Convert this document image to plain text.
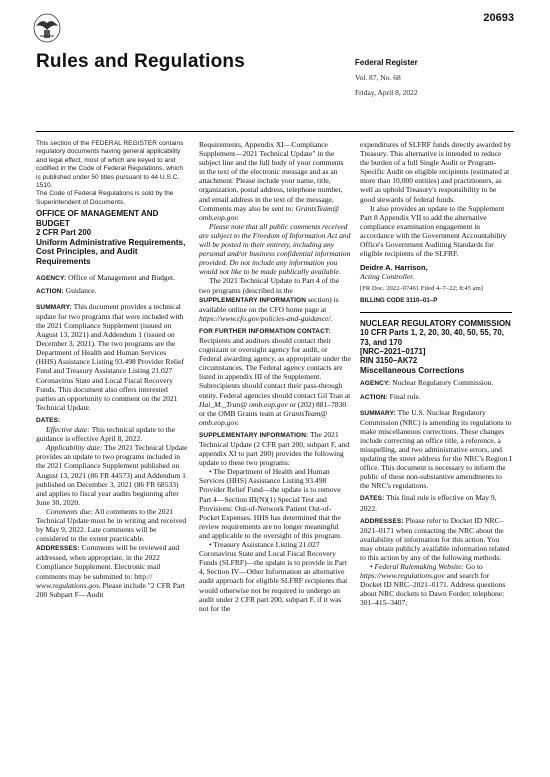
20693
Rules and Regulations	Federal Register
Vol. 87, No. 68
Friday, April 8, 2022

This section of the FEDERAL REGISTER contains regulatory documents having general applicability and legal effect, most of which are keyed to and codified in the Code of Federal Regulations, which is published under 50 titles pursuant to 44 U.S.C. 1510.

The Code of Federal Regulations is sold by the Superintendent of Documents.

OFFICE OF MANAGEMENT AND BUDGET

2 CFR Part 200

Uniform Administrative Requirements, Cost Principles, and Audit Requirements

AGENCY: Office of Management and Budget.

ACTION: Guidance.

SUMMARY: This document provides a technical update for two programs that were included with the 2021 Compliance Supplement (issued on August 13, 2021) and Addendum 1 (issued on December 3, 2021). The two programs are the Department of Health and Human Services (HHS) Assistance Listing 93.498 Provider Relief Fund and Treasury Assistance Listing 21.027 Coronavirus State and Local Fiscal Recovery Funds. This document also offers interested parties an opportunity to comment on the 2021 Technical Update.

DATES:

Effective date: This technical update to the guidance is effective April 8, 2022.

Applicability date: The 2021 Technical Update provides an update to two programs included in the 2021 Compliance Supplement published on August 13, 2021 (86 FR 44573) and Addendum 1 published on December 3, 2021 (86 FR 68533) and applies to fiscal year audits beginning after June 30, 2020.

Comments due: All comments to the 2021 Technical Update must be in writing and received by May 9, 2022. Late comments will be considered to the extent practicable.

ADDRESSES: Comments will be reviewed and addressed, when appropriate, in the 2022 Compliance Supplement. Electronic mail comments may be submitted to: http:// www.regulations.gov. Please include "2 CFR Part 200 Subpart F—Audit

Requirements, Appendix XI—Compliance Supplement—2021 Technical Update" in the subject line and the full body of your comments in the text of the electronic message and as an attachment. Please include your name, title, organization, postal address, telephone number, and email address in the text of the message. Comments may also be sent to: GrantsTeam@ omb.eop.gov.

Please note that all public comments received are subject to the Freedom of Information Act and will be posted in their entirety, including any personal and/or business confidential information provided. Do not include any information you would not like to be made publically available.

The 2021 Technical Update to Part 4 of the two programs (described in the SUPPLEMENTARY INFORMATION section) is available online on the CFO home page at https://www.cfo.gov/policies-and-guidance/.

FOR FURTHER INFORMATION CONTACT: Recipients and auditors should contact their cognizant or oversight agency for audit, or Federal awarding agency, as appropriate under the circumstances. The Federal agency contacts are listed in appendix III of the Supplement. Subrecipients should contact their pass-through entity. Federal agencies should contact Gil Tran at Hai_M._Tran@ omb.eop.gov or (202) 881–7830 or the OMB Grants team at GrantsTeam@ omb.eop.gov.

SUPPLEMENTARY INFORMATION: The 2021 Technical Update (2 CFR part 200, subpart F, and appendix XI to part 200) provides the following update to these two programs:

• The Department of Health and Human Services (HHS) Assistance Listing 93.498 Provider Relief Fund—the update is to remove Part 4—Section III(N)(1) Special Test and Provisions: Out-of-Network Patient Out-of-Pocket Expenses. HHS has determined that the review requirements are no longer meaningful and applicable to the oversight of this program.

• Treasury Assistance Listing 21.027 Coronavirus State and Local Fiscal Recovery Funds (SLFRF)—the update is to provide in Part 4, Section IV—Other Information an alternative audit approach for eligible SLFRF recipients that would otherwise not be required to undergo an audit under 2 CFR part 200, subpart F, if it was not for the

expenditures of SLFRF funds directly awarded by Treasury. This alternative is intended to reduce the burden of a full Single Audit or Program-Specific Audit on eligible recipients (estimated at more than 10,000 entities) and practitioners, as well as uphold Treasury's responsibility to be good stewards of federal funds.

It also provides an update to the Supplement Part 8 Appendix VII to add the alternative compliance examination engagement in accordance with the Government Accountability Office's Government Auditing Standards for eligible recipients of the SLFRF.

Deidre A. Harrison,

Acting Controller.

[FR Doc. 2022–07461 Filed 4–7–22; 8:45 am]

BILLING CODE 3110–01–P

NUCLEAR REGULATORY COMMISSION

10 CFR Parts 1, 2, 20, 30, 40, 50, 55, 70, 73, and 170

[NRC–2021–0171]

RIN 3150–AK72

Miscellaneous Corrections

AGENCY: Nuclear Regulatory Commission.

ACTION: Final rule.

SUMMARY: The U.S. Nuclear Regulatory Commission (NRC) is amending its regulations to make miscellaneous corrections. These changes include correcting an office title, a reference, a misspelling, and two administrative errors, and updating the street address for the NRC's Region I office. This document is necessary to inform the public of these non-substantive amendments to the NRC's regulations.

DATES: This final rule is effective on May 9, 2022.

ADDRESSES: Please refer to Docket ID NRC–2021–0171 when contacting the NRC about the availability of information for this action. You may obtain publicly available information related to this action by any of the following methods:

• Federal Rulemaking Website: Go to https://www.regulations.gov and search for Docket ID NRC–2021–0171. Address questions about NRC dockets to Dawn Forder; telephone: 301–415–3407;
